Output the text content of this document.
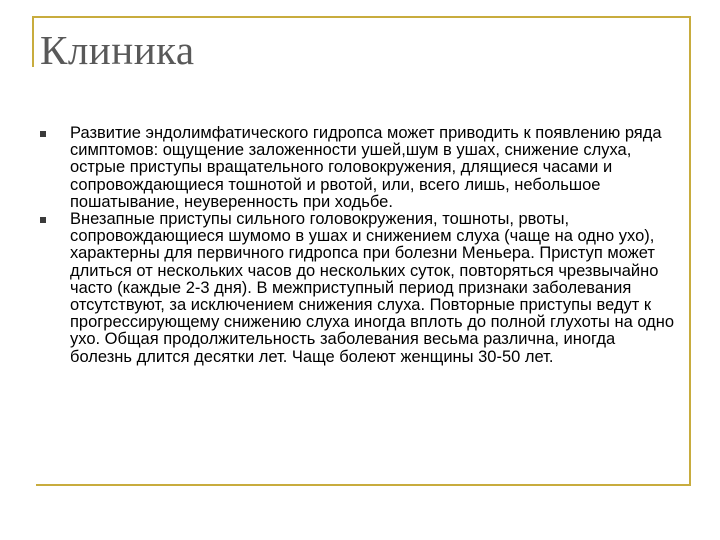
Клиника
Развитие эндолимфатического гидропса может приводить к появлению ряда симптомов: ощущение заложенности ушей,шум в ушах, снижение слуха, острые приступы вращательного головокружения, длящиеся часами и сопровождающиеся тошнотой и рвотой, или, всего лишь, небольшое пошатывание, неуверенность при ходьбе.
Внезапные приступы сильного головокружения, тошноты, рвоты, сопровождающиеся шумомо в ушах и снижением слуха (чаще на одно ухо), характерны для первичного гидропса при болезни Меньера. Приступ может длиться от нескольких часов до нескольких суток, повторяться чрезвычайно часто (каждые 2-3 дня). В межприступный период признаки заболевания отсутствуют, за исключением снижения слуха. Повторные приступы ведут к прогрессирующему снижению слуха иногда вплоть до полной глухоты на одно ухо. Общая продолжительность заболевания весьма различна, иногда болезнь длится десятки лет. Чаще болеют женщины 30-50 лет.
